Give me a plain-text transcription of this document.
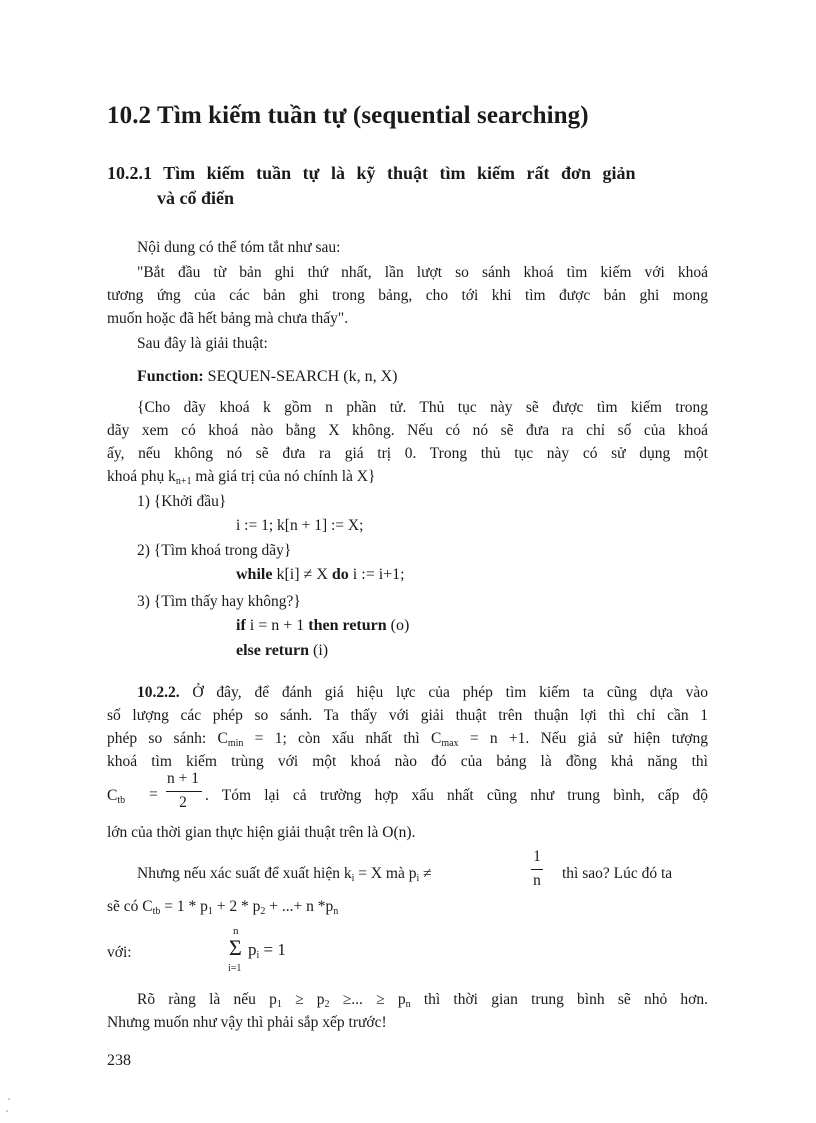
10.2 Tìm kiếm tuần tự (sequential searching)
10.2.1 Tìm kiếm tuần tự là kỹ thuật tìm kiếm rất đơn giản
và cổ điển
Nội dung có thể tóm tắt như sau:
"Bắt đầu từ bản ghi thứ nhất, lần lượt so sánh khoá tìm kiếm với khoá
tương ứng của các bản ghi trong bảng, cho tới khi tìm được bản ghi mong
muốn hoặc đã hết bảng mà chưa thấy".
Sau đây là giải thuật:
Function: SEQUEN-SEARCH (k, n, X)
{Cho dãy khoá k gồm n phần tử. Thủ tục này sẽ được tìm kiếm trong
dãy xem có khoá nào bằng X không. Nếu có nó sẽ đưa ra chỉ số của khoá
ấy, nếu không nó sẽ đưa ra giá trị 0. Trong thủ tục này có sử dụng một
khoá phụ $k_{n+1}$ mà giá trị của nó chính là X}
1) {Khởi đầu}
i := 1; k[n + 1] := X;
2) {Tìm khoá trong dãy}
while k[i] ≠ X do i := i+1;
3) {Tìm thấy hay không?}
if i = n + 1 then return (o)
else return (i)
10.2.2. Ở đây, để đánh giá hiệu lực của phép tìm kiếm ta cũng dựa vào
số lượng các phép so sánh. Ta thấy với giải thuật trên thuận lợi thì chỉ cần 1
phép so sánh: $C_{min} = 1$; còn xấu nhất thì $C_{max} = n +1$. Nếu giả sử hiện tượng
khoá tìm kiếm trùng với một khoá nào đó của bảng là đồng khả năng thì
$C_{tb}$ =
n + 1
2	. Tóm lại cả trường hợp xấu nhất cũng như trung bình, cấp độ
lớn của thời gian thực hiện giải thuật trên là O(n).
Nhưng nếu xác suất để xuất hiện $k_i = X$ mà $p_i$ ≠
1
n thì sao? Lúc đó ta
sẽ có $C_{tb} = 1 * p_1 + 2 * p_2$ + ...+ n $*p_n$
với:
n
Σ $p_i = 1$
i=1
Rõ ràng là nếu $p_1 \ge p_2$ ≥... ≥ $p_n$ thì thời gian trung bình sẽ nhỏ hơn.
Nhưng muốn như vậy thì phải sắp xếp trước!
238
